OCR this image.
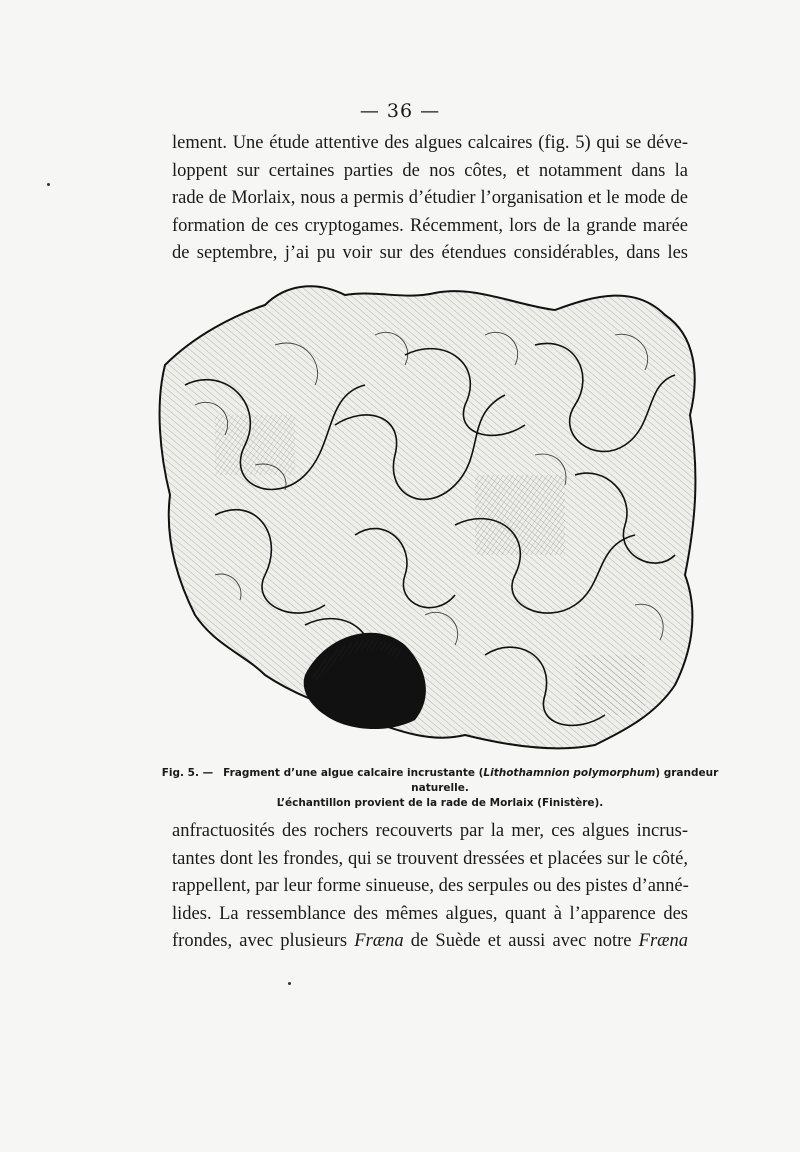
— 36 —
lement. Une étude attentive des algues calcaires (fig. 5) qui se déve-
loppent sur certaines parties de nos côtes, et notamment dans la
rade de Morlaix, nous a permis d’étudier l’organisation et le mode de
formation de ces cryptogames. Récemment, lors de la grande marée
de septembre, j’ai pu voir sur des étendues considérables, dans les
Fig. 5. — Fragment d’une algue calcaire incrustante (Lithothamnion polymorphum) grandeur naturelle.
L’échantillon provient de la rade de Morlaix (Finistère).
anfractuosités des rochers recouverts par la mer, ces algues incrus-
tantes dont les frondes, qui se trouvent dressées et placées sur le côté,
rappellent, par leur forme sinueuse, des serpules ou des pistes d’anné-
lides. La ressemblance des mêmes algues, quant à l’apparence des
frondes, avec plusieurs Fræna de Suède et aussi avec notre Fræna
